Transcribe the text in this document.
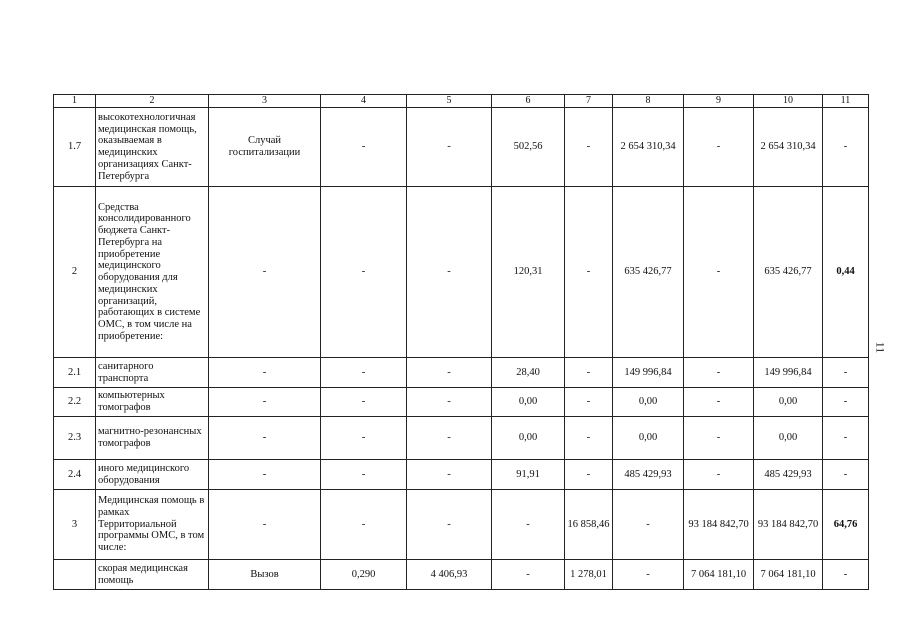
1	2	3	4	5	6	7	8	9	10	11
1.7	высокотехнологичная медицинская помощь, оказываемая в медицинских организациях Санкт-Петербурга	Случай госпитализации	-	-	502,56	-	2 654 310,34	-	2 654 310,34	-
2	Средства консолидированного бюджета Санкт-Петербурга на приобретение медицинского оборудования для медицинских организаций, работающих в системе ОМС, в том числе на приобретение:	-	-	-	120,31	-	635 426,77	-	635 426,77	0,44
2.1	санитарного транспорта	-	-	-	28,40	-	149 996,84	-	149 996,84	-
2.2	компьютерных томографов	-	-	-	0,00	-	0,00	-	0,00	-
2.3	магнитно-резонансных томографов	-	-	-	0,00	-	0,00	-	0,00	-
2.4	иного медицинского оборудования	-	-	-	91,91	-	485 429,93	-	485 429,93	-
3	Медицинская помощь в рамках Территориальной программы ОМС, в том числе:	-	-	-	-	16 858,46	-	93 184 842,70	93 184 842,70	64,76
	скорая медицинская помощь	Вызов	0,290	4 406,93	-	1 278,01	-	7 064 181,10	7 064 181,10	-
11
